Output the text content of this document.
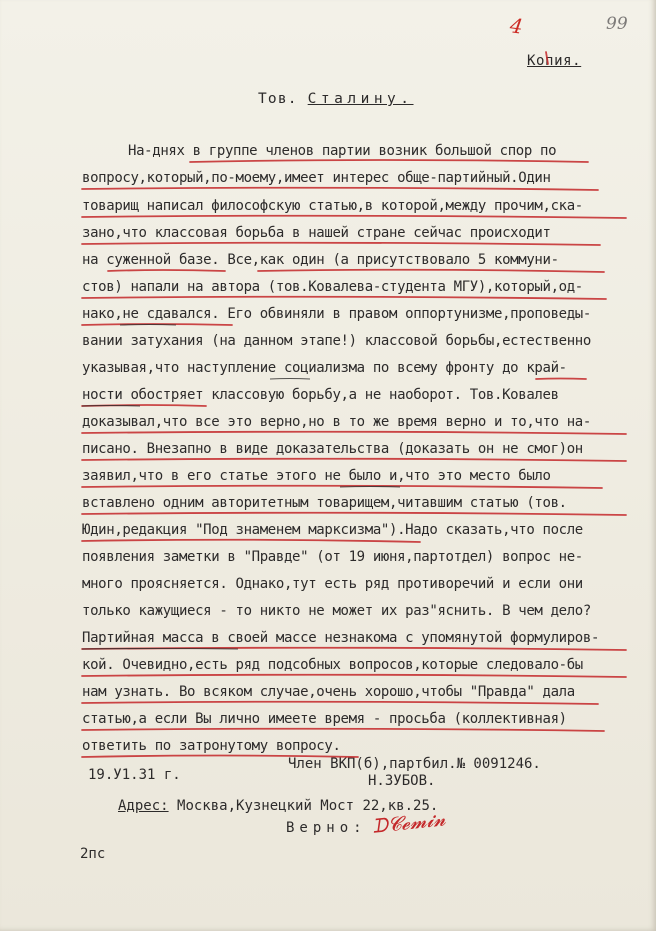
4	99
Копия.
Тов. Сталину.
На-днях в группе членов партии возник большой спор по
вопросу,который,по-моему,имеет интерес обще-партийный.Один
товарищ написал философскую статью,в которой,между прочим,ска-
зано,что классовая борьба в нашей стране сейчас происходит
на суженной базе. Все,как один (а присутствовало 5 коммуни-
стов) напали на автора (тов.Ковалева-студента МГУ),который,од-
нако,не сдавался. Его обвиняли в правом оппортунизме,проповеды-
вании затухания (на данном этапе!) классовой борьбы,естественно
указывая,что наступление социализма по всему фронту до край-
ности обостряет классовую борьбу,а не наоборот. Тов.Ковалев
доказывал,что все это верно,но в то же время верно и то,что на-
писано. Внезапно в виде доказательства (доказать он не смог)он
заявил,что в его статье этого не было и,что это место было
вставлено одним авторитетным товарищем,читавшим статью (тов.
Юдин,редакция "Под знаменем марксизма").Надо сказать,что после
появления заметки в "Правде" (от 19 июня,партотдел) вопрос не-
много проясняется. Однако,тут есть ряд противоречий и если они
только кажущиеся - то никто не может их раз"яснить. В чем дело?
Партийная масса в своей массе незнакома с упомянутой формулиров-
кой. Очевидно,есть ряд подсобных вопросов,которые следовало-бы
нам узнать. Во всяком случае,очень хорошо,чтобы "Правда" дала
статью,а если Вы лично имеете время - просьба (коллективная)
ответить по затронутому вопросу.
Член ВКП(б),партбил.№ 0091246.
19.У1.31 г.	Н.ЗУБОВ.
Адрес: Москва,Кузнецкий Мост 22,кв.25.
Верно: ᗪ𝓒𝓮𝓶𝓲𝓷
2пс
